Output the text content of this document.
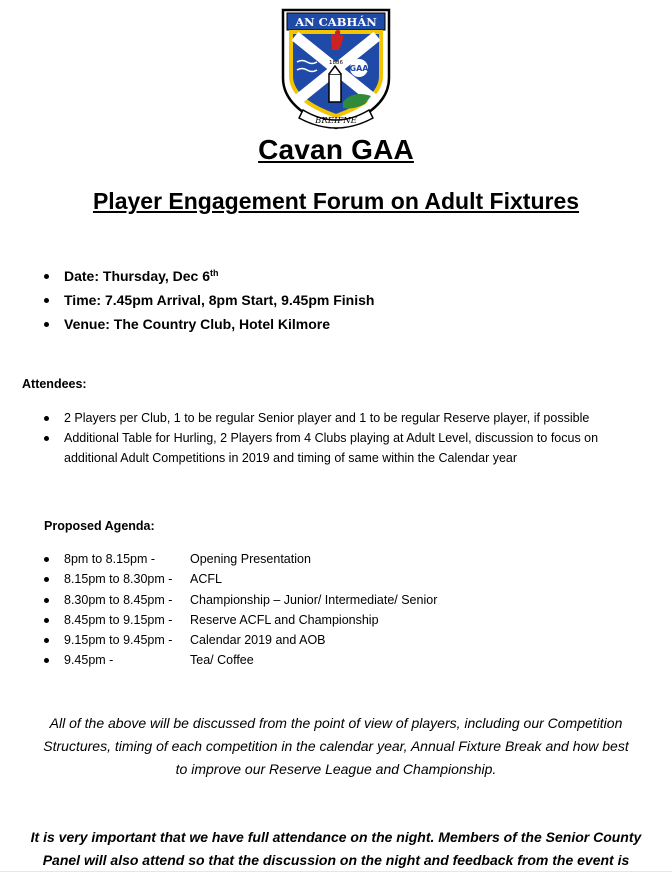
AN CABHÁN
1886
GAA
BREIFNE
Cavan GAA
Player Engagement Forum on Adult Fixtures
Date: Thursday, Dec 6th
Time: 7.45pm Arrival, 8pm Start, 9.45pm Finish
Venue: The Country Club, Hotel Kilmore
Attendees:
2 Players per Club, 1 to be regular Senior player and 1 to be regular Reserve player, if possible
Additional Table for Hurling, 2 Players from 4 Clubs playing at Adult Level, discussion to focus on
additional Adult Competitions in 2019 and timing of same within the Calendar year
Proposed Agenda:
8pm to 8.15pm -	Opening Presentation
8.15pm to 8.30pm - ACFL
8.30pm to 8.45pm - Championship – Junior/ Intermediate/ Senior
8.45pm to 9.15pm - Reserve ACFL and Championship
9.15pm to 9.45pm - Calendar 2019 and AOB
9.45pm -	Tea/ Coffee
All of the above will be discussed from the point of view of players, including our Competition
Structures, timing of each competition in the calendar year, Annual Fixture Break and how best
to improve our Reserve League and Championship.
It is very important that we have full attendance on the night. Members of the Senior County
Panel will also attend so that the discussion on the night and feedback from the event is
